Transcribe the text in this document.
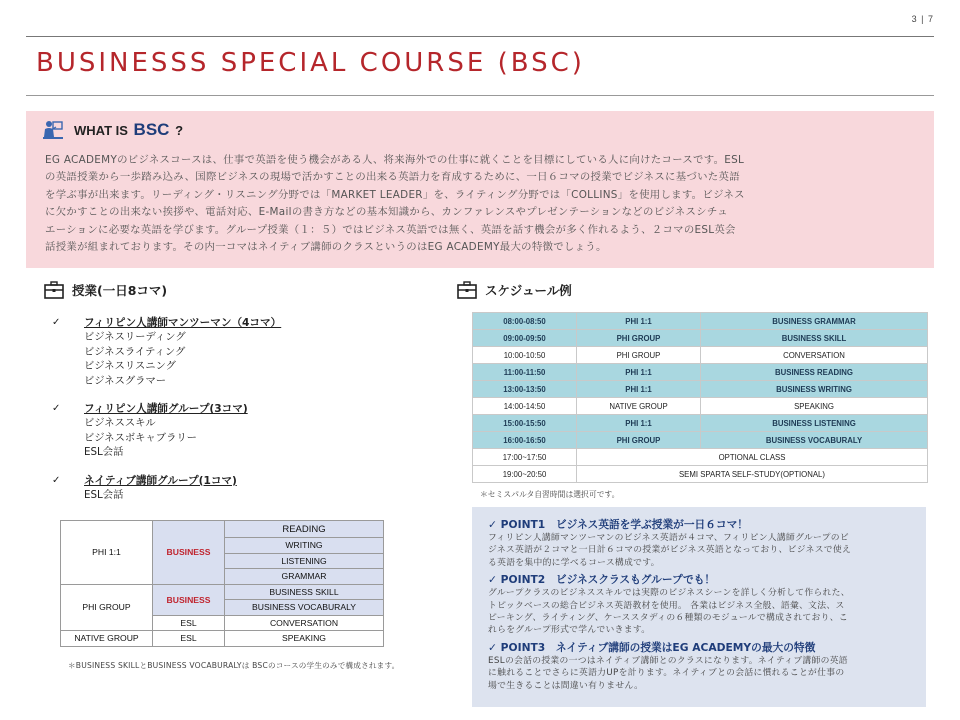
3 | 7
BUSINESSS SPECIAL COURSE (BSC)
WHAT IS BSC ?
EG ACADEMYのビジネスコースは、仕事で英語を使う機会がある人、将来海外での仕事に就くことを目標にしている人に向けたコースです。ESL
の英語授業から一歩踏み込み、国際ビジネスの現場で活かすことの出来る英語力を育成するために、一日６コマの授業でビジネスに基づいた英語
を学ぶ事が出来ます。リーディング・リスニング分野では「MARKET LEADER」を、ライティング分野では「COLLINS」を使用します。ビジネス
に欠かすことの出来ない挨拶や、電話対応、E-Mailの書き方などの基本知識から、カンファレンスやプレゼンテーションなどのビジネスシチュ
エーションに必要な英語を学びます。グループ授業（１：５）ではビジネス英語では無く、英語を話す機会が多く作れるよう、２コマのESL英会
話授業が組まれております。その内一コマはネイティブ講師のクラスというのはEG ACADEMY最大の特徴でしょう。
授業(一日8コマ)
✓	フィリピン人講師マンツーマン（4コマ）
ビジネスリーディング
ビジネスライティング
ビジネスリスニング
ビジネスグラマー
✓	フィリピン人講師グループ(3コマ)
ビジネススキル
ビジネスボキャブラリー
ESL会話
✓	ネイティブ講師グループ(1コマ)
ESL会話
PHI 1:1	BUSINESS	READING
		WRITING
		LISTENING
		GRAMMAR
PHI GROUP	BUSINESS	BUSINESS SKILL
		BUSINESS VOCABURALY
	ESL	CONVERSATION
NATIVE GROUP	ESL	SPEAKING
＊BUSINESS SKILLとBUSINESS VOCABURALYは BSCのコースの学生のみで構成されます。
スケジュール例
08:00-08:50	PHI 1:1	BUSINESS GRAMMAR
09:00-09:50	PHI GROUP	BUSINESS SKILL
10:00-10:50	PHI GROUP	CONVERSATION
11:00-11:50	PHI 1:1	BUSINESS READING
13:00-13:50	PHI 1:1	BUSINESS WRITING
14:00-14:50	NATIVE GROUP	SPEAKING
15:00-15:50	PHI 1:1	BUSINESS LISTENING
16:00-16:50	PHI GROUP	BUSINESS VOCABURALY
17:00~17:50	OPTIONAL CLASS	
19:00~20:50	SEMI SPARTA SELF-STUDY(OPTIONAL)	
＊セミスパルタ自習時間は選択可です。
✓ POINT1　ビジネス英語を学ぶ授業が一日６コマ！
フィリピン人講師マンツーマンのビジネス英語が４コマ、フィリピン人講師グループのビ
ジネス英語が２コマと一日計６コマの授業がビジネス英語となっており、ビジネスで使え
る英語を集中的に学べるコース構成です。
✓ POINT2　ビジネスクラスもグループでも！
グループクラスのビジネススキルでは実際のビジネスシーンを詳しく分析して作られた、
トピックベースの総合ビジネス英語教材を使用。 各業はビジネス全般、語彙、文法、ス
ピーキング、ライティング、ケーススタディの６種類のモジュールで構成されており、こ
れらをグループ形式で学んでいきます。
✓ POINT3　ネイティブ講師の授業はEG ACADEMYの最大の特徴
ESLの会話の授業の一つはネイティブ講師とのクラスになります。ネイティブ講師の英語
に触れることでさらに英語力UPを計ります。ネイティブとの会話に慣れることが仕事の
場で生きることは間違い有りません。
